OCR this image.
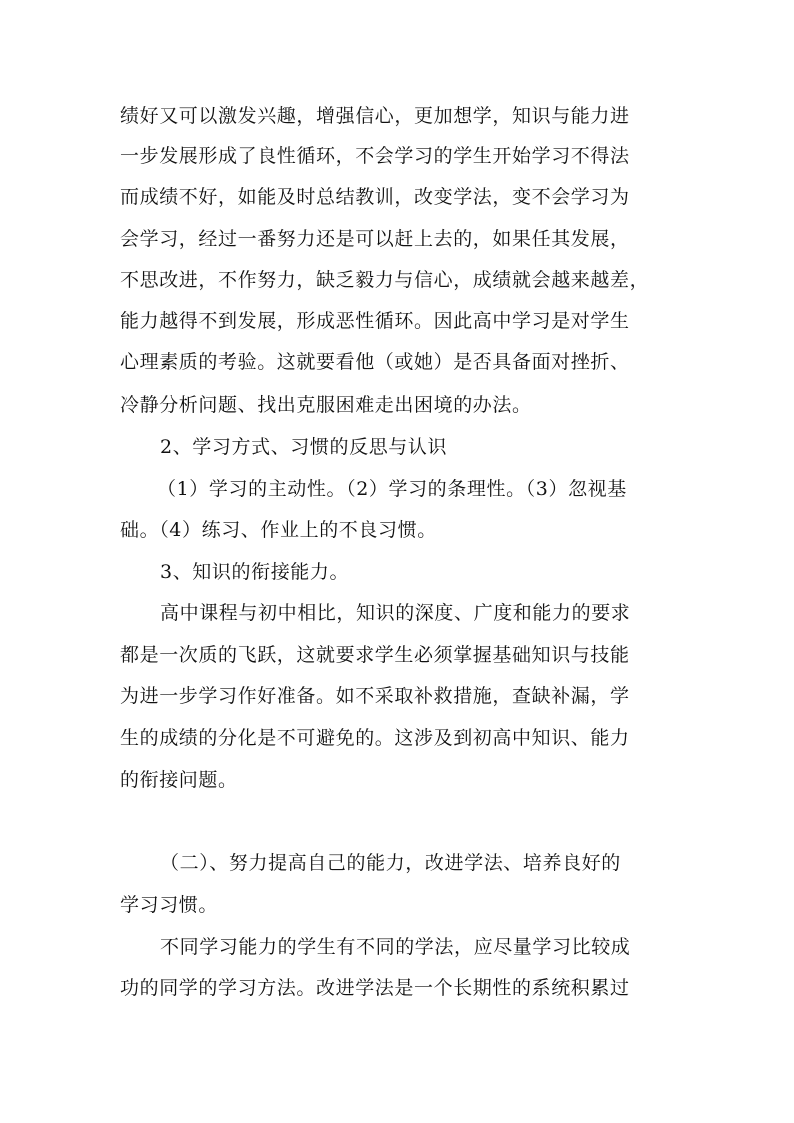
绩好又可以激发兴趣，增强信心，更加想学，知识与能力进
一步发展形成了良性循环，不会学习的学生开始学习不得法
而成绩不好，如能及时总结教训，改变学法，变不会学习为
会学习，经过一番努力还是可以赶上去的，如果任其发展，
不思改进，不作努力，缺乏毅力与信心，成绩就会越来越差，
能力越得不到发展，形成恶性循环。因此高中学习是对学生
心理素质的考验。这就要看他（或她）是否具备面对挫折、
冷静分析问题、找出克服困难走出困境的办法。
2、学习方式、习惯的反思与认识
（1）学习的主动性。（2）学习的条理性。（3）忽视基
础。（4）练习、作业上的不良习惯。
3、知识的衔接能力。
高中课程与初中相比，知识的深度、广度和能力的要求
都是一次质的飞跃，这就要求学生必须掌握基础知识与技能
为进一步学习作好准备。如不采取补救措施，查缺补漏，学
生的成绩的分化是不可避免的。这涉及到初高中知识、能力
的衔接问题。
（二）、努力提高自己的能力，改进学法、培养良好的
学习习惯。
不同学习能力的学生有不同的学法，应尽量学习比较成
功的同学的学习方法。改进学法是一个长期性的系统积累过
